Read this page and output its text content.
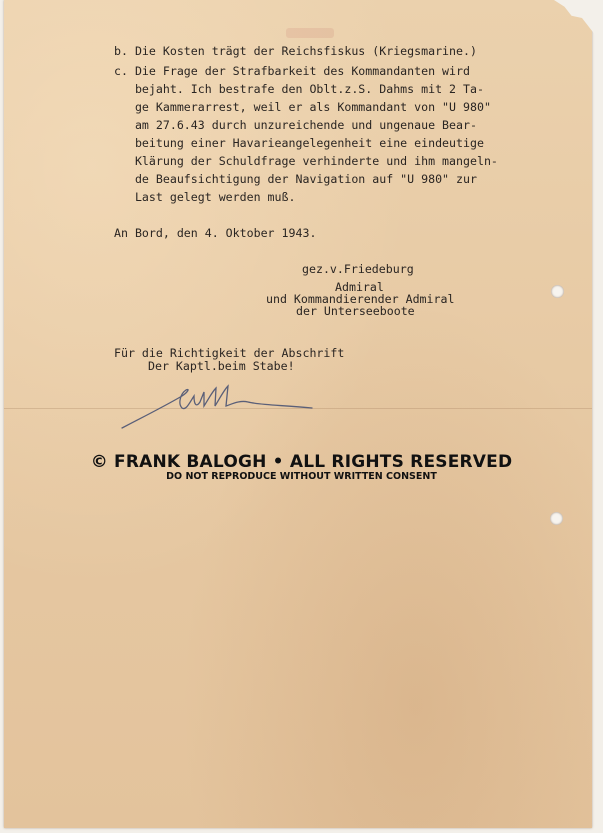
b. Die Kosten trägt der Reichsfiskus (Kriegsmarine.)

c. Die Frage der Strafbarkeit des Kommandanten wird

bejaht. Ich bestrafe den Oblt.z.S. Dahms mit 2 Ta-

ge Kammerarrest, weil er als Kommandant von "U 980"

am 27.6.43 durch unzureichende und ungenaue Bear-

beitung einer Havarieangelegenheit eine eindeutige

Klärung der Schuldfrage verhinderte und ihm mangeln-

de Beaufsichtigung der Navigation auf "U 980" zur

Last gelegt werden muß.

An Bord, den 4. Oktober 1943.
gez.v.Friedeburg
Admiral
und Kommandierender Admiral
der Unterseeboote
Für die Richtigkeit der Abschrift
Der Kaptl.beim Stabe!
© FRANK BALOGH • ALL RIGHTS RESERVED
DO NOT REPRODUCE WITHOUT WRITTEN CONSENT
